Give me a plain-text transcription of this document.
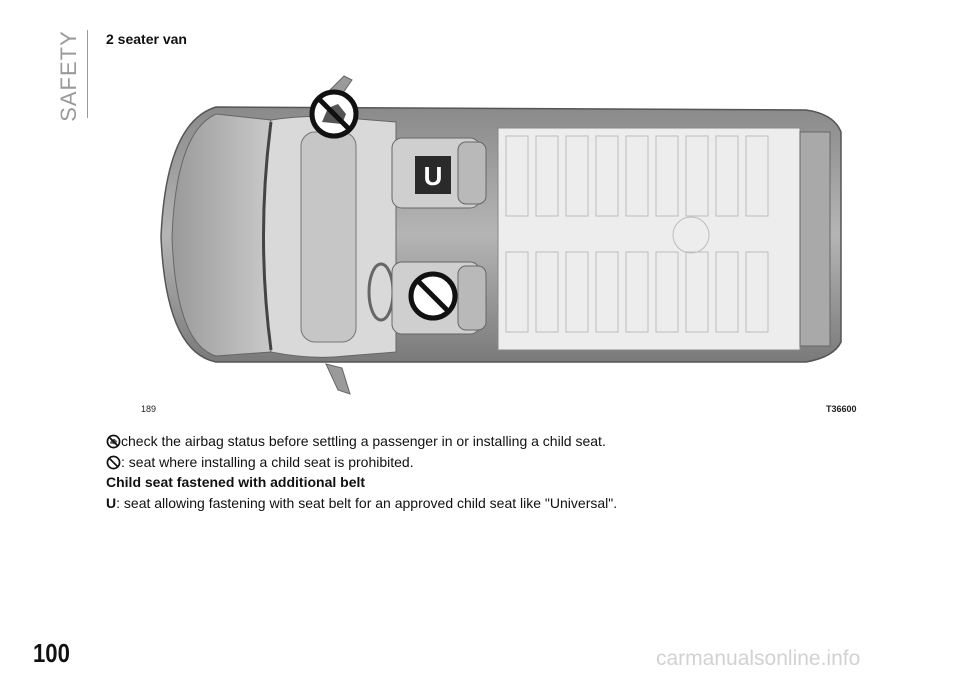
SAFETY 2 seater van
U
189	T36600
check the airbag status before settling a passenger in or installing a child seat.
: seat where installing a child seat is prohibited.
Child seat fastened with additional belt
U: seat allowing fastening with seat belt for an approved child seat like "Universal".
100	carmanualsonline.info
